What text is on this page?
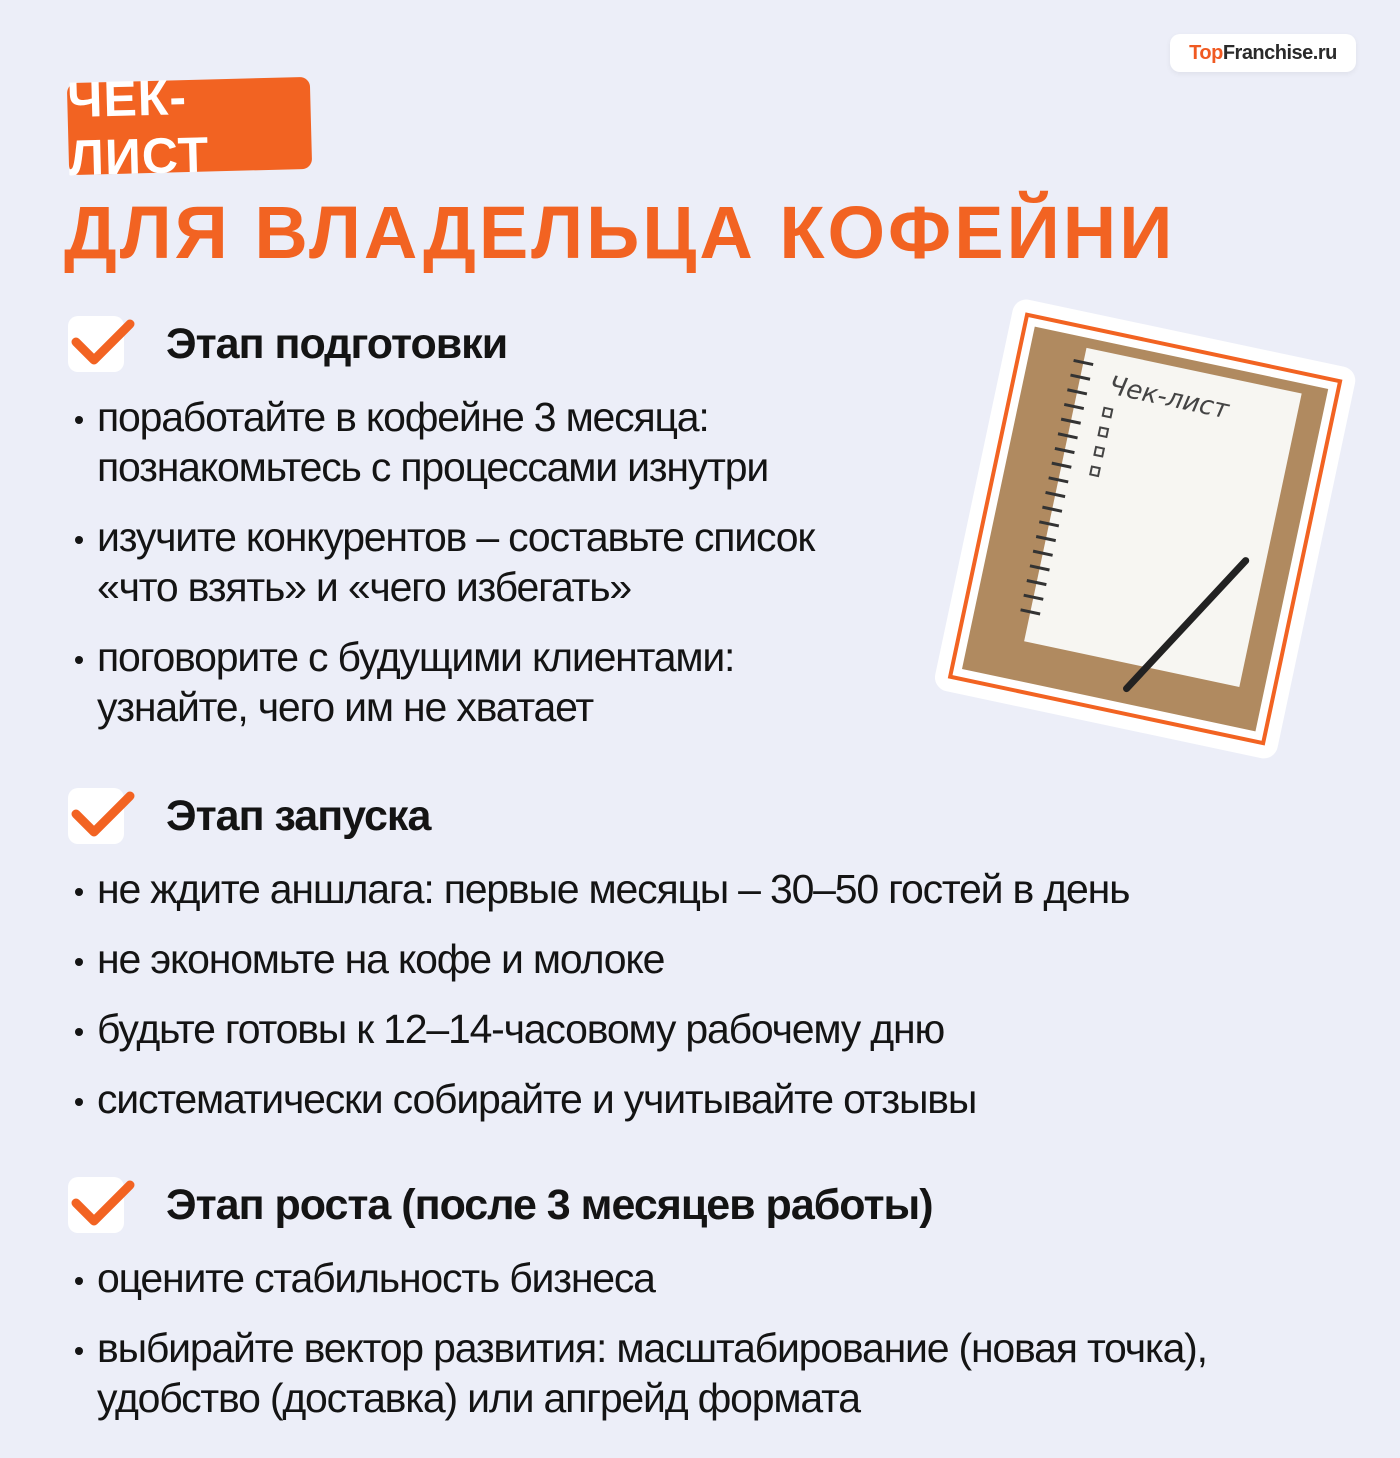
Top Franchise.ru
ЧЕК-ЛИСТ
ДЛЯ ВЛАДЕЛЬЦА КОФЕЙНИ
Чек-лист
Этап подготовки
поработайте в кофейне 3 месяца: познакомьтесь с процессами изнутри
изучите конкурентов – составьте список «что взять» и «чего избегать»
поговорите с будущими клиентами: узнайте, чего им не хватает
Этап запуска
не ждите аншлага: первые месяцы – 30–50 гостей в день
не экономьте на кофе и молоке
будьте готовы к 12–14-часовому рабочему дню
систематически собирайте и учитывайте отзывы
Этап роста (после 3 месяцев работы)
оцените стабильность бизнеса
выбирайте вектор развития: масштабирование (новая точка), удобство (доставка) или апгрейд формата
